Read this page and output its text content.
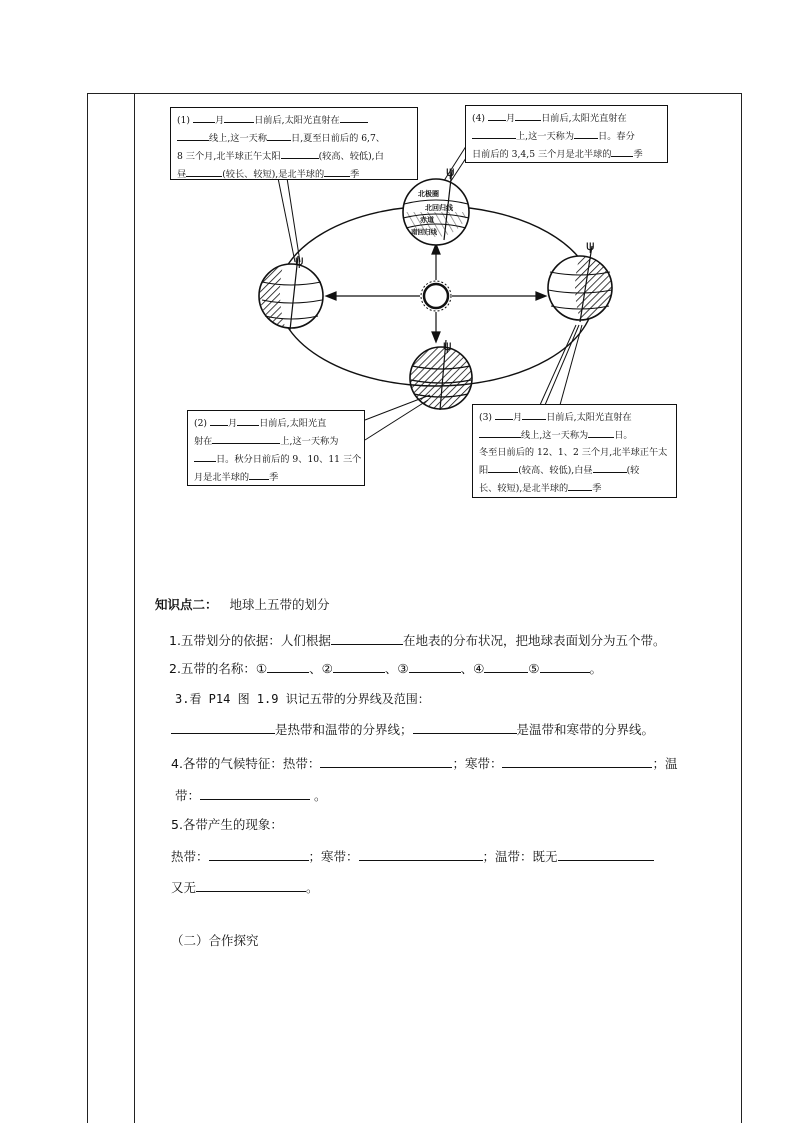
北极圈
北回归线
赤道
南回归线
ψ
ψ
ψ
ψ

(1)	月	日前后,太阳光直射在

线上,这一天称	日,夏至日前后的 6,7、

8 三个月,北半球正午太阳	(较高、较低),白

昼	(较长、较短),是北半球的	季

(4) 月	日前后,太阳光直射在

上,这一天称为	日。春分

日前后的 3,4,5 三个月是北半球的 季

(2) 月 日前后,太阳光直

射在	上,这一天称为

日。秋分日前后的 9、10、11 三个

月是北半球的 季

(3) 月	日前后,太阳光直射在

线上,这一天称为	日。

冬至日前后的 12、1、2 三个月,北半球正午太

阳	(较高、较低),白昼	(较

长、较短),是北半球的	季

知识点二： 地球上五带的划分
1.五带划分的依据：人们根据	在地表的分布状况，把地球表面划分为五个带。
2.五带的名称：①	、②	、③	、④	⑤	。
3.看 P14 图 1.9 识记五带的分界线及范围：
是热带和温带的分界线；	是温带和寒带的分界线。
4.各带的气候特征：热带：	；寒带：	；温
带：	。
5.各带产生的现象：
热带：	；寒带：	；温带：既无
又无	。
（二）合作探究
